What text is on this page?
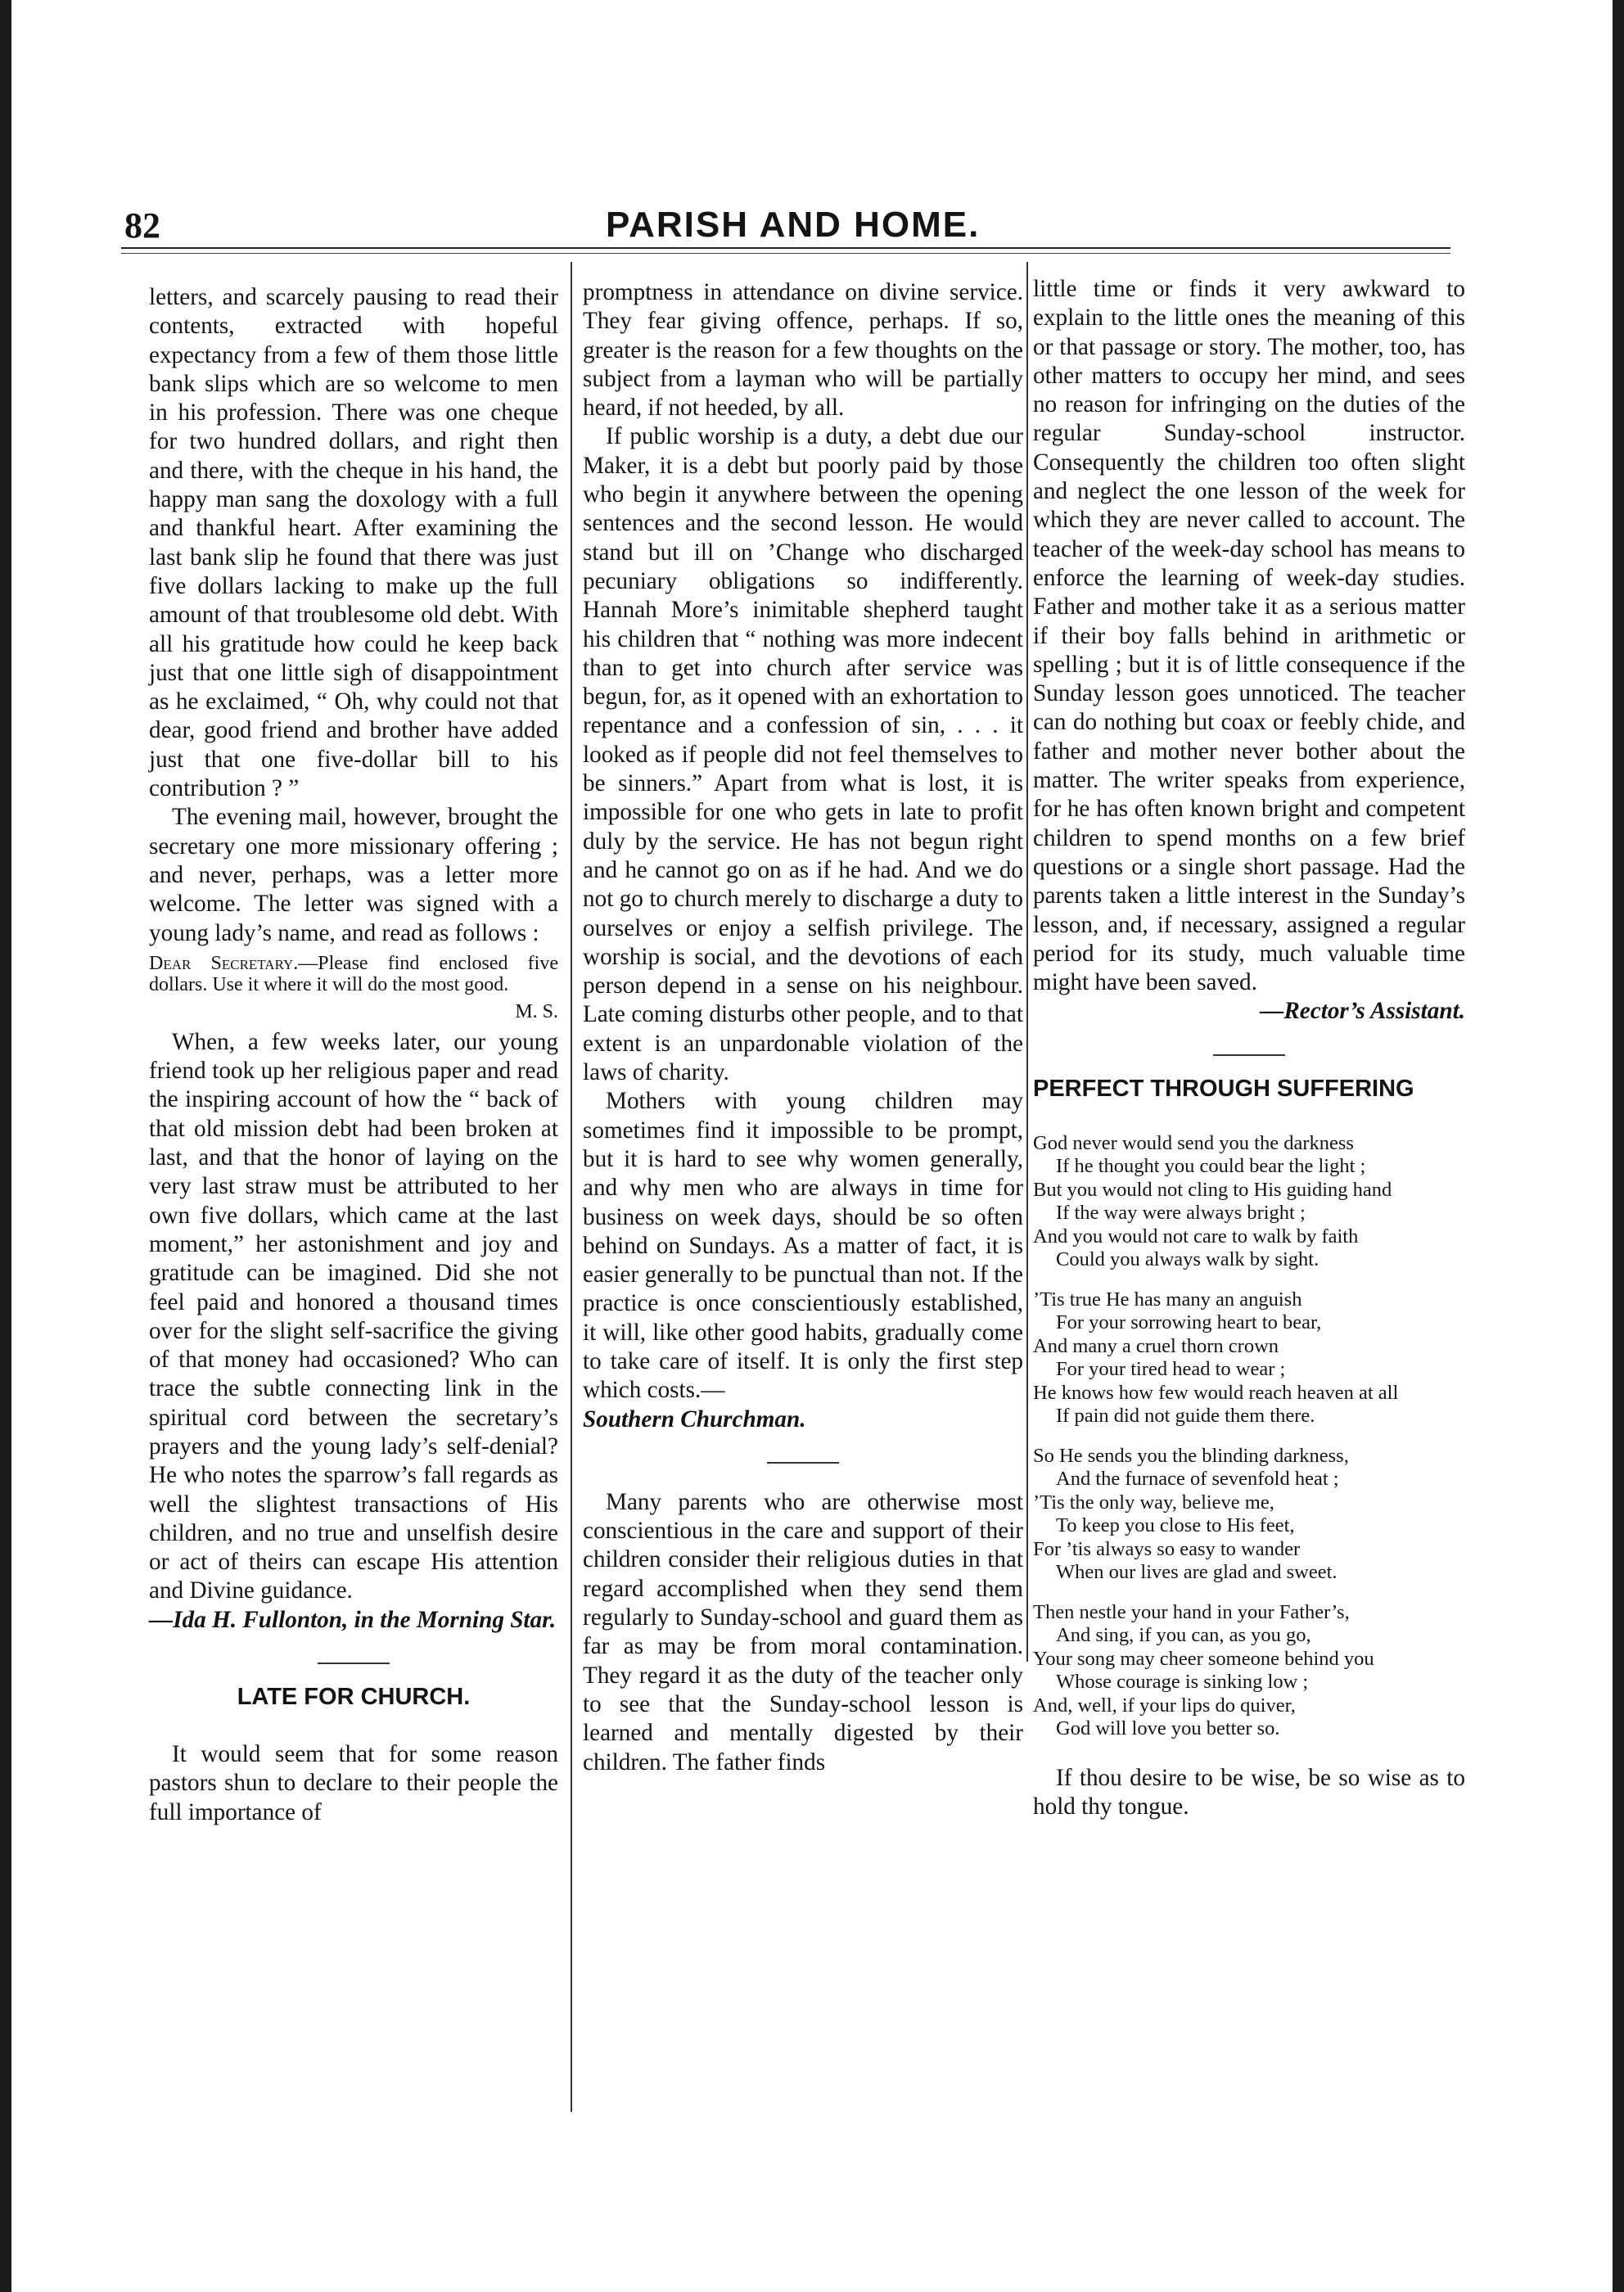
82	PARISH AND HOME.

letters, and scarcely pausing to read their contents, extracted with hopeful expectancy from a few of them those little bank slips which are so welcome to men in his profession. There was one cheque for two hundred dollars, and right then and there, with the cheque in his hand, the happy man sang the doxology with a full and thankful heart. After examining the last bank slip he found that there was just five dollars lacking to make up the full amount of that troublesome old debt. With all his gratitude how could he keep back just that one little sigh of disappointment as he exclaimed, “ Oh, why could not that dear, good friend and brother have added just that one five-dollar bill to his contribution ? ”

The evening mail, however, brought the secretary one more missionary offering ; and never, perhaps, was a letter more welcome. The letter was signed with a young lady’s name, and read as follows :

Dear Secretary.—Please find enclosed five dollars. Use it where it will do the most good.
M. S.

When, a few weeks later, our young friend took up her religious paper and read the inspiring account of how the “ back of that old mission debt had been broken at last, and that the honor of laying on the very last straw must be attributed to her own five dollars, which came at the last moment,” her astonishment and joy and gratitude can be imagined. Did she not feel paid and honored a thousand times over for the slight self-sacrifice the giving of that money had occasioned? Who can trace the subtle connecting link in the spiritual cord between the secretary’s prayers and the young lady’s self-denial? He who notes the sparrow’s fall regards as well the slightest transactions of His children, and no true and unselfish desire or act of theirs can escape His attention and Divine guidance.

—Ida H. Fullonton, in the Morning Star.

LATE FOR CHURCH.

It would seem that for some reason pastors shun to declare to their people the full importance of

promptness in attendance on divine service. They fear giving offence, perhaps. If so, greater is the reason for a few thoughts on the subject from a layman who will be partially heard, if not heeded, by all.

If public worship is a duty, a debt due our Maker, it is a debt but poorly paid by those who begin it anywhere between the opening sentences and the second lesson. He would stand but ill on ’Change who discharged pecuniary obligations so indifferently. Hannah More’s inimitable shepherd taught his children that “ nothing was more indecent than to get into church after service was begun, for, as it opened with an exhortation to repentance and a confession of sin, . . . it looked as if people did not feel themselves to be sinners.” Apart from what is lost, it is impossible for one who gets in late to profit duly by the service. He has not begun right and he cannot go on as if he had. And we do not go to church merely to discharge a duty to ourselves or enjoy a selfish privilege. The worship is social, and the devotions of each person depend in a sense on his neighbour. Late coming disturbs other people, and to that extent is an unpardonable violation of the laws of charity.

Mothers with young children may sometimes find it impossible to be prompt, but it is hard to see why women generally, and why men who are always in time for business on week days, should be so often behind on Sundays. As a matter of fact, it is easier generally to be punctual than not. If the practice is once conscientiously established, it will, like other good habits, gradually come to take care of itself. It is only the first step which costs.—

Southern Churchman.

Many parents who are otherwise most conscientious in the care and support of their children consider their religious duties in that regard accomplished when they send them regularly to Sunday-school and guard them as far as may be from moral contamination. They regard it as the duty of the teacher only to see that the Sunday-school lesson is learned and mentally digested by their children. The father finds

little time or finds it very awkward to explain to the little ones the meaning of this or that passage or story. The mother, too, has other matters to occupy her mind, and sees no reason for infringing on the duties of the regular Sunday-school instructor. Consequently the children too often slight and neglect the one lesson of the week for which they are never called to account. The teacher of the week-day school has means to enforce the learning of week-day studies. Father and mother take it as a serious matter if their boy falls behind in arithmetic or spelling ; but it is of little consequence if the Sunday lesson goes unnoticed. The teacher can do nothing but coax or feebly chide, and father and mother never bother about the matter. The writer speaks from experience, for he has often known bright and competent children to spend months on a few brief questions or a single short passage. Had the parents taken a little interest in the Sunday’s lesson, and, if necessary, assigned a regular period for its study, much valuable time might have been saved.

—Rector’s Assistant.

PERFECT THROUGH SUFFERING
God never would send you the darkness
If he thought you could bear the light ;
But you would not cling to His guiding hand
If the way were always bright ;
And you would not care to walk by faith
Could you always walk by sight.
’Tis true He has many an anguish
For your sorrowing heart to bear,
And many a cruel thorn crown
For your tired head to wear ;
He knows how few would reach heaven at all
If pain did not guide them there.
So He sends you the blinding darkness,
And the furnace of sevenfold heat ;
’Tis the only way, believe me,
To keep you close to His feet,
For ’tis always so easy to wander
When our lives are glad and sweet.
Then nestle your hand in your Father’s,
And sing, if you can, as you go,
Your song may cheer someone behind you
Whose courage is sinking low ;
And, well, if your lips do quiver,
God will love you better so.

If thou desire to be wise, be so wise as to hold thy tongue.
